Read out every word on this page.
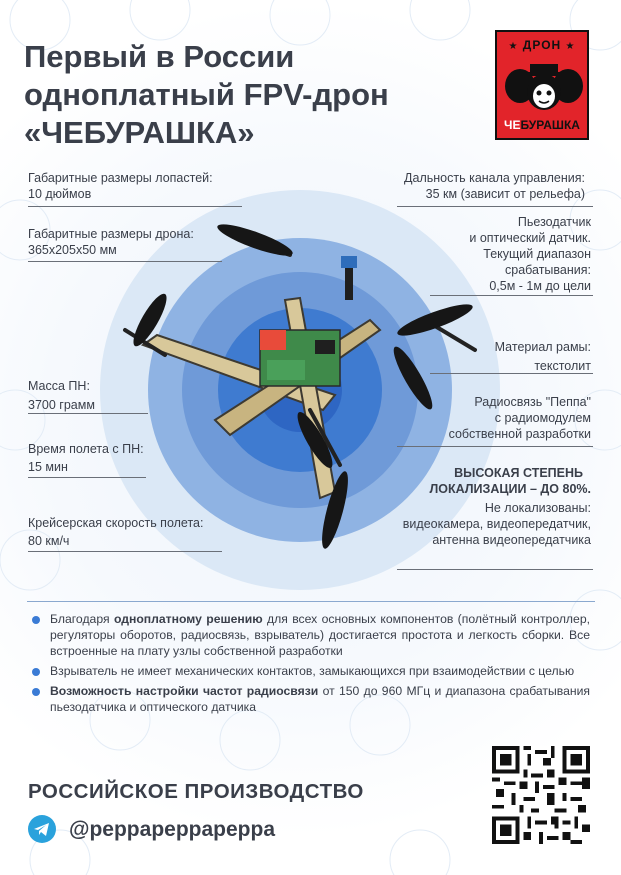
Первый в России
одноплатный FPV-дрон
«ЧЕБУРАШКА»
★ ДРОН ★
ЧЕБУРАШКА
Габаритные размеры лопастей:
10 дюймов
Габаритные размеры дрона:
365х205х50 мм
Масса ПН:
3700 грамм
Время полета с ПН:
15 мин
Крейсерская скорость полета:
80 км/ч
Дальность канала управления:
35 км (зависит от рельефа)
Пьезодатчик
и оптический датчик.
Текущий диапазон
срабатывания:
0,5м - 1м до цели
Материал рамы:
текстолит
Радиосвязь "Пеппа"
с радиомодулем
собственной разработки
ВЫСОКАЯ СТЕПЕНЬ
ЛОКАЛИЗАЦИИ – ДО 80%.
Не локализованы:
видеокамера, видеопередатчик,
антенна видеопередатчика
Благодаря одноплатному решению для всех основных компонентов (полётный контроллер, регуляторы оборотов, радиосвязь, взрыватель) достигается простота и легкость сборки. Все встроенные на плату узлы собственной разработки
Взрыватель не имеет механических контактов, замыкающихся при взаимодействии с целью
Возможность настройки частот радиосвязи от 150 до 960 МГц и диапазона срабатывания пьезодатчика и оптического датчика
РОССИЙСКОЕ ПРОИЗВОДСТВО
@peppapeppapeppa
